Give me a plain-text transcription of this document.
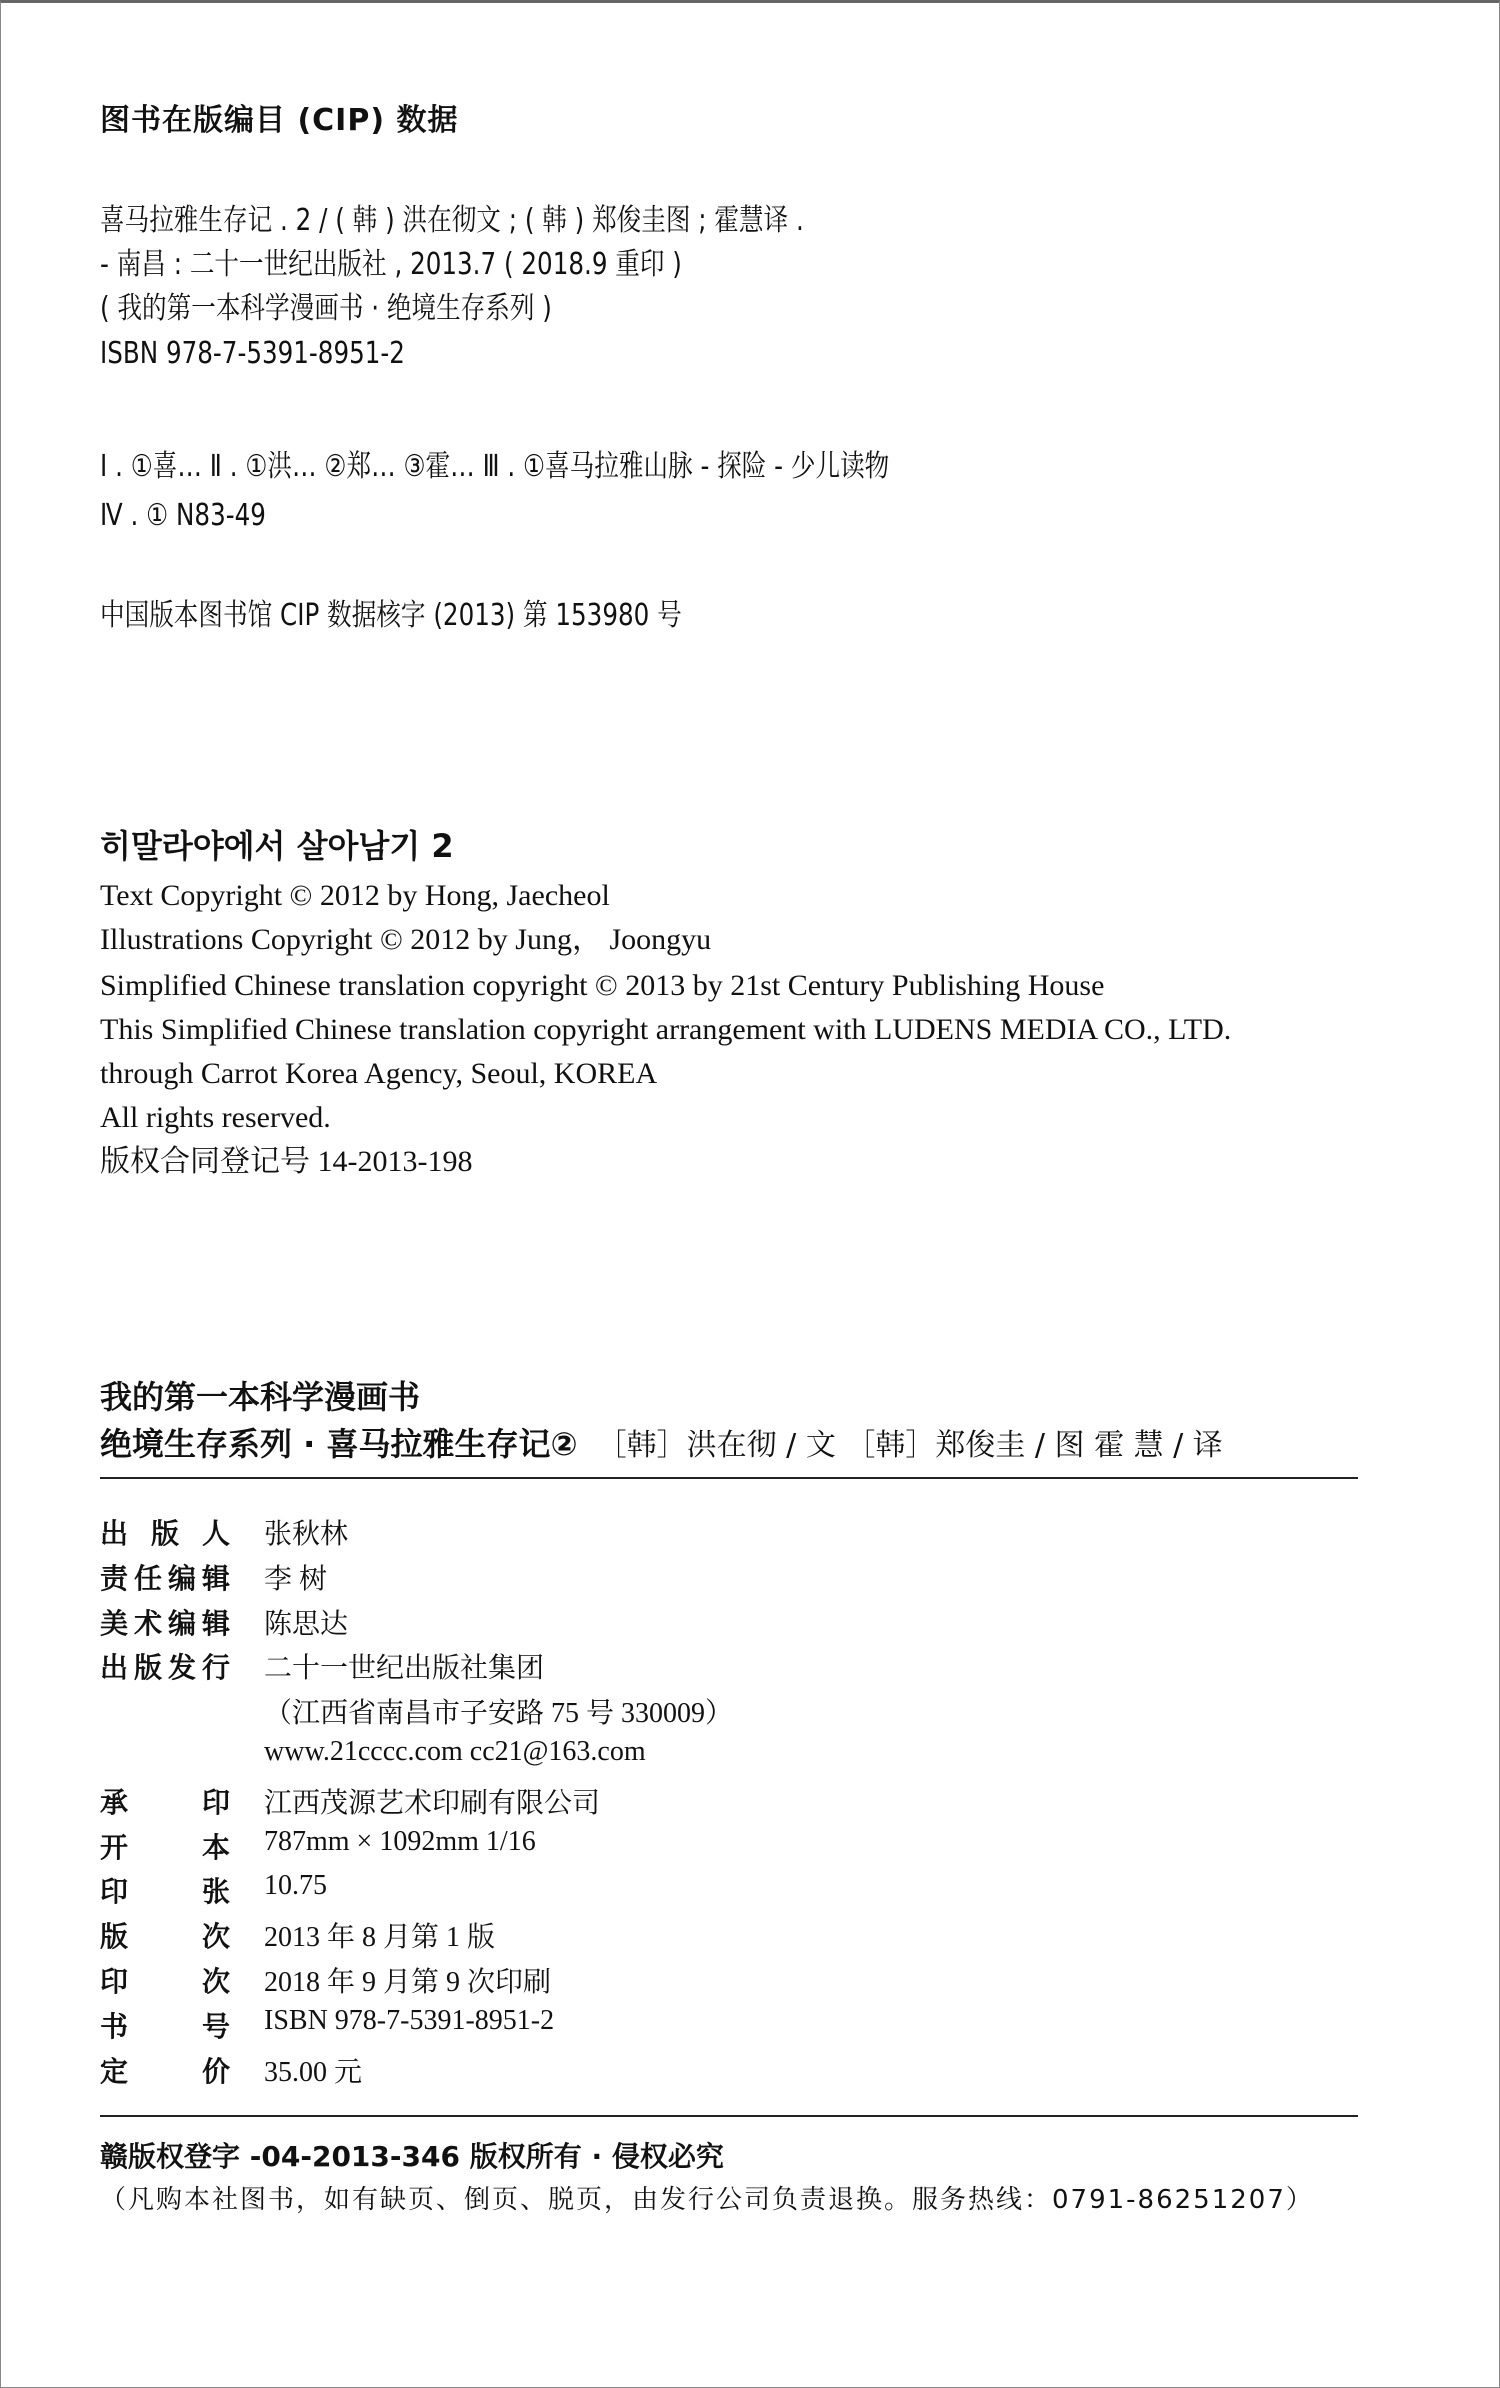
图书在版编目 (CIP) 数据
喜马拉雅生存记 . 2 / ( 韩 ) 洪在彻文 ; ( 韩 ) 郑俊圭图 ; 霍慧译 .
- 南昌 : 二十一世纪出版社 , 2013.7 ( 2018.9 重印 )
( 我的第一本科学漫画书 · 绝境生存系列 )
ISBN 978-7-5391-8951-2
Ⅰ . ①喜… Ⅱ . ①洪… ②郑… ③霍… Ⅲ . ①喜马拉雅山脉 - 探险 - 少儿读物
Ⅳ . ① N83-49
中国版本图书馆 CIP 数据核字 (2013) 第 153980 号
히말라야에서 살아남기 2
Text Copyright © 2012 by Hong, Jaecheol
Illustrations Copyright © 2012 by Jung， Joongyu
Simplified Chinese translation copyright © 2013 by 21st Century Publishing House
This Simplified Chinese translation copyright arrangement with LUDENS MEDIA CO., LTD.
through Carrot Korea Agency, Seoul, KOREA
All rights reserved.
版权合同登记号 14-2013-198
我的第一本科学漫画书
绝境生存系列 · 喜马拉雅生存记② ［韩］洪在彻 / 文 ［韩］郑俊圭 / 图 霍 慧 / 译
出 版 人 张秋林
责 任 编 辑 李 树
美 术 编 辑 陈思达
出 版 发 行 二十一世纪出版社集团
（江西省南昌市子安路 75 号 330009）
www.21cccc.com cc21@163.com
承	印 江西茂源艺术印刷有限公司
开	本 787mm × 1092mm 1/16
印	张 10.75
版	次 2013 年 8 月第 1 版
印	次 2018 年 9 月第 9 次印刷
书	号 ISBN 978-7-5391-8951-2
定	价 35.00 元
赣版权登字 -04-2013-346 版权所有 · 侵权必究
（凡购本社图书，如有缺页、倒页、脱页，由发行公司负责退换。服务热线：0791-86251207）
